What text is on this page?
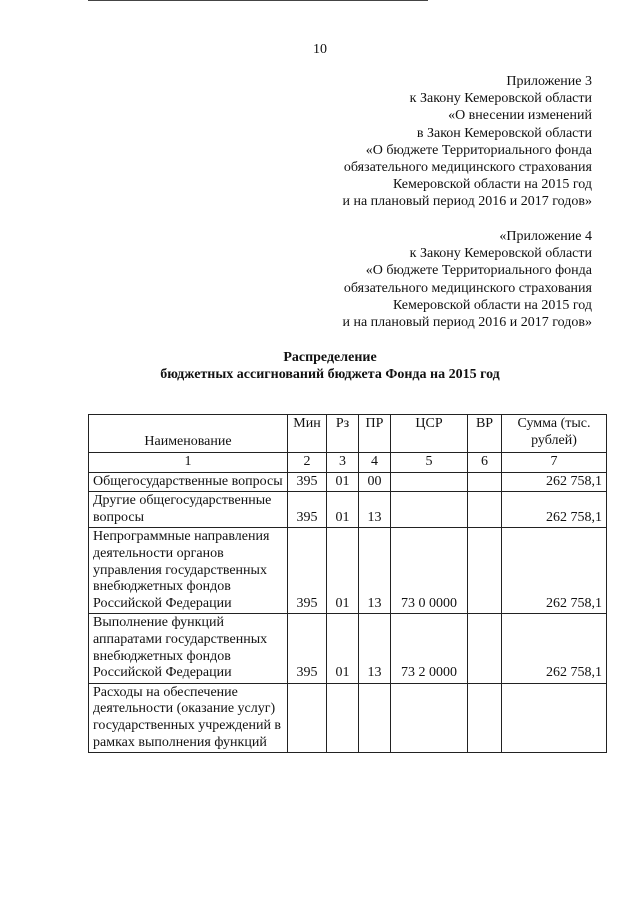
10
Приложение 3
к Закону Кемеровской области
«О внесении изменений
в Закон Кемеровской области
«О бюджете Территориального фонда
обязательного медицинского страхования
Кемеровской области на 2015 год
и на плановый период 2016 и 2017 годов»
«Приложение 4
к Закону Кемеровской области
«О бюджете Территориального фонда
обязательного медицинского страхования
Кемеровской области на 2015 год
и на плановый период 2016 и 2017 годов»
Распределение
бюджетных ассигнований бюджета Фонда на 2015 год
Наименование	Мин	Рз	ПР	ЦСР	ВР	Сумма (тыс. рублей)
1	2	3	4	5	6	7
Общегосударственные вопросы	395	01	00			262 758,1
Другие общегосударственные вопросы	395	01	13			262 758,1
Непрограммные направления деятельности органов управления государственных внебюджетных фондов Российской Федерации	395	01	13	73 0 0000		262 758,1
Выполнение функций аппаратами государственных внебюджетных фондов Российской Федерации	395	01	13	73 2 0000		262 758,1
Расходы на обеспечение деятельности (оказание услуг) государственных учреждений в рамках выполнения функций						
